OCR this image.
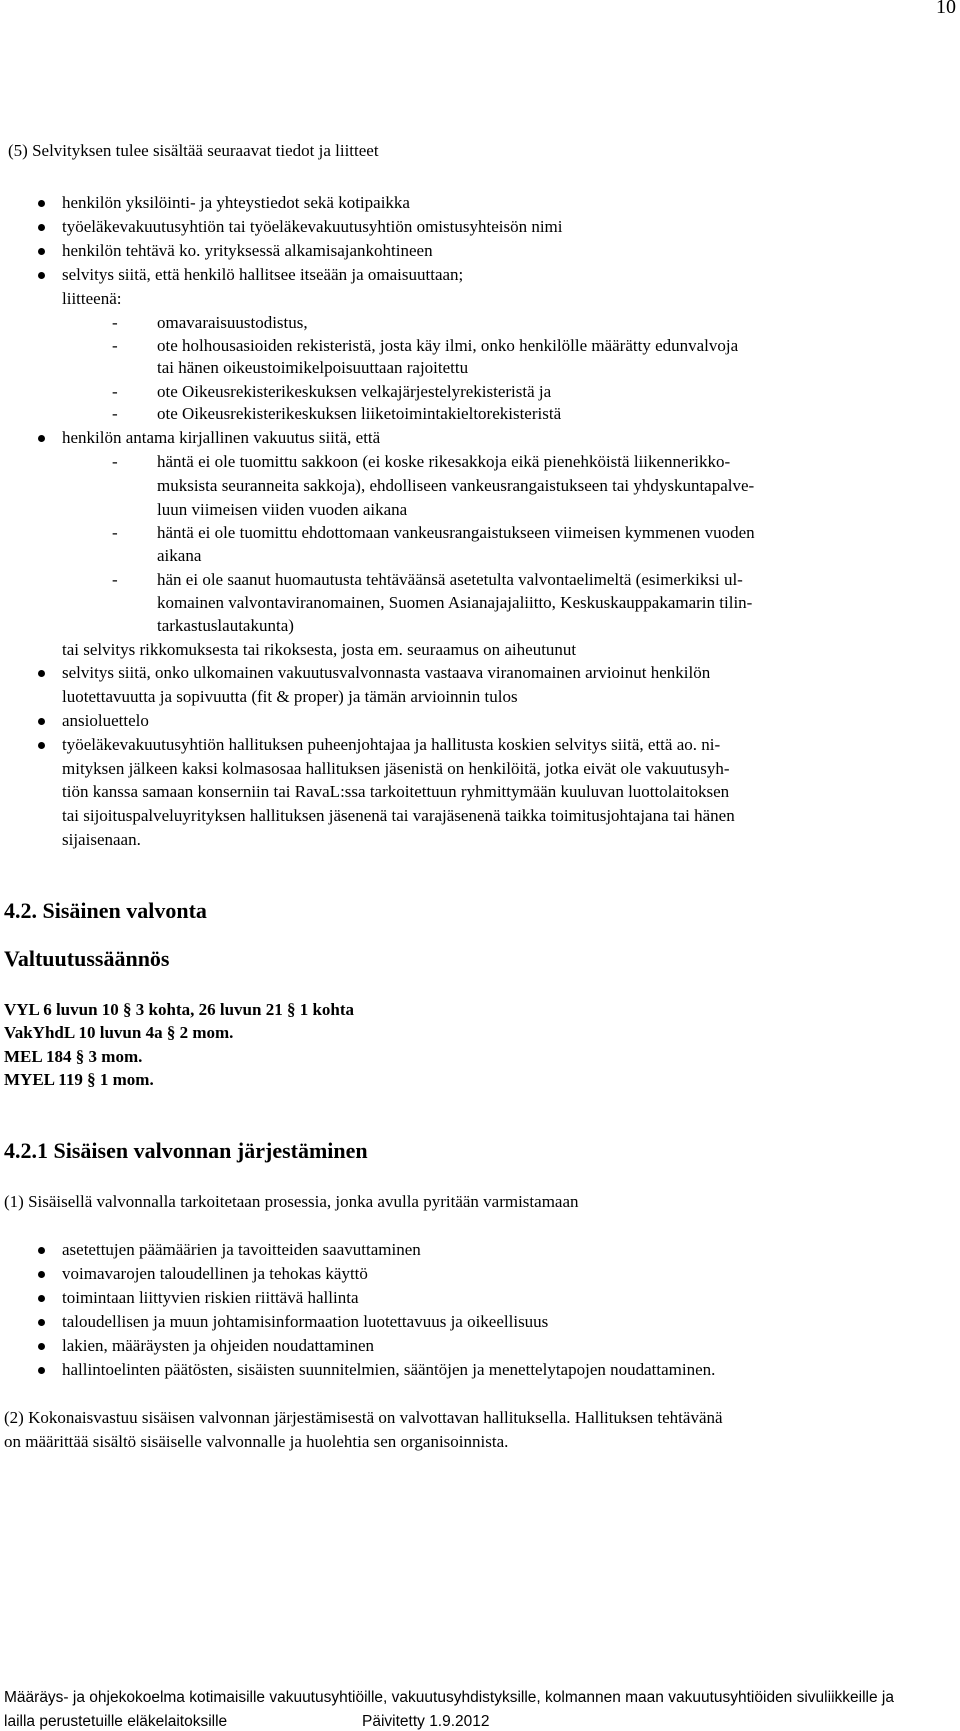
10
(5) Selvityksen tulee sisältää seuraavat tiedot ja liitteet
henkilön yksilöinti- ja yhteystiedot sekä kotipaikka
työeläkevakuutusyhtiön tai työeläkevakuutusyhtiön omistusyhteisön nimi
henkilön tehtävä ko. yrityksessä alkamisajankohtineen
selvitys siitä, että henkilö hallitsee itseään ja omaisuuttaan;
liitteenä:
- omavaraisuustodistus,
- ote holhousasioiden rekisteristä, josta käy ilmi, onko henkilölle määrätty edunvalvoja
tai hänen oikeustoimikelpoisuuttaan rajoitettu
- ote Oikeusrekisterikeskuksen velkajärjestelyrekisteristä ja
- ote Oikeusrekisterikeskuksen liiketoimintakieltorekisteristä
henkilön antama kirjallinen vakuutus siitä, että
- häntä ei ole tuomittu sakkoon (ei koske rikesakkoja eikä pienehköistä liikennerikko-
muksista seuranneita sakkoja), ehdolliseen vankeusrangaistukseen tai yhdyskuntapalve-
luun viimeisen viiden vuoden aikana
- häntä ei ole tuomittu ehdottomaan vankeusrangaistukseen viimeisen kymmenen vuoden
aikana
- hän ei ole saanut huomautusta tehtäväänsä asetetulta valvontaelimeltä (esimerkiksi ul-
komainen valvontaviranomainen, Suomen Asianajajaliitto, Keskuskauppakamarin tilin-
tarkastuslautakunta)
tai selvitys rikkomuksesta tai rikoksesta, josta em. seuraamus on aiheutunut
selvitys siitä, onko ulkomainen vakuutusvalvonnasta vastaava viranomainen arvioinut henkilön
luotettavuutta ja sopivuutta (fit & proper) ja tämän arvioinnin tulos
ansioluettelo
työeläkevakuutusyhtiön hallituksen puheenjohtajaa ja hallitusta koskien selvitys siitä, että ao. ni-
mityksen jälkeen kaksi kolmasosaa hallituksen jäsenistä on henkilöitä, jotka eivät ole vakuutusyh-
tiön kanssa samaan konserniin tai RavaL:ssa tarkoitettuun ryhmittymään kuuluvan luottolaitoksen
tai sijoituspalveluyrityksen hallituksen jäsenenä tai varajäsenenä taikka toimitusjohtajana tai hänen
sijaisenaan.
4.2. Sisäinen valvonta
Valtuutussäännös
VYL 6 luvun 10 § 3 kohta, 26 luvun 21 § 1 kohta
VakYhdL 10 luvun 4a § 2 mom.
MEL 184 § 3 mom.
MYEL 119 § 1 mom.
4.2.1 Sisäisen valvonnan järjestäminen
(1) Sisäisellä valvonnalla tarkoitetaan prosessia, jonka avulla pyritään varmistamaan
asetettujen päämäärien ja tavoitteiden saavuttaminen
voimavarojen taloudellinen ja tehokas käyttö
toimintaan liittyvien riskien riittävä hallinta
taloudellisen ja muun johtamisinformaation luotettavuus ja oikeellisuus
lakien, määräysten ja ohjeiden noudattaminen
hallintoelinten päätösten, sisäisten suunnitelmien, sääntöjen ja menettelytapojen noudattaminen.
(2) Kokonaisvastuu sisäisen valvonnan järjestämisestä on valvottavan hallituksella. Hallituksen tehtävänä
on määrittää sisältö sisäiselle valvonnalle ja huolehtia sen organisoinnista.
Määräys- ja ohjekokoelma kotimaisille vakuutusyhtiöille, vakuutusyhdistyksille, kolmannen maan vakuutusyhtiöiden sivuliikkeille ja
lailla perustetuille eläkelaitoksille	Päivitetty 1.9.2012
